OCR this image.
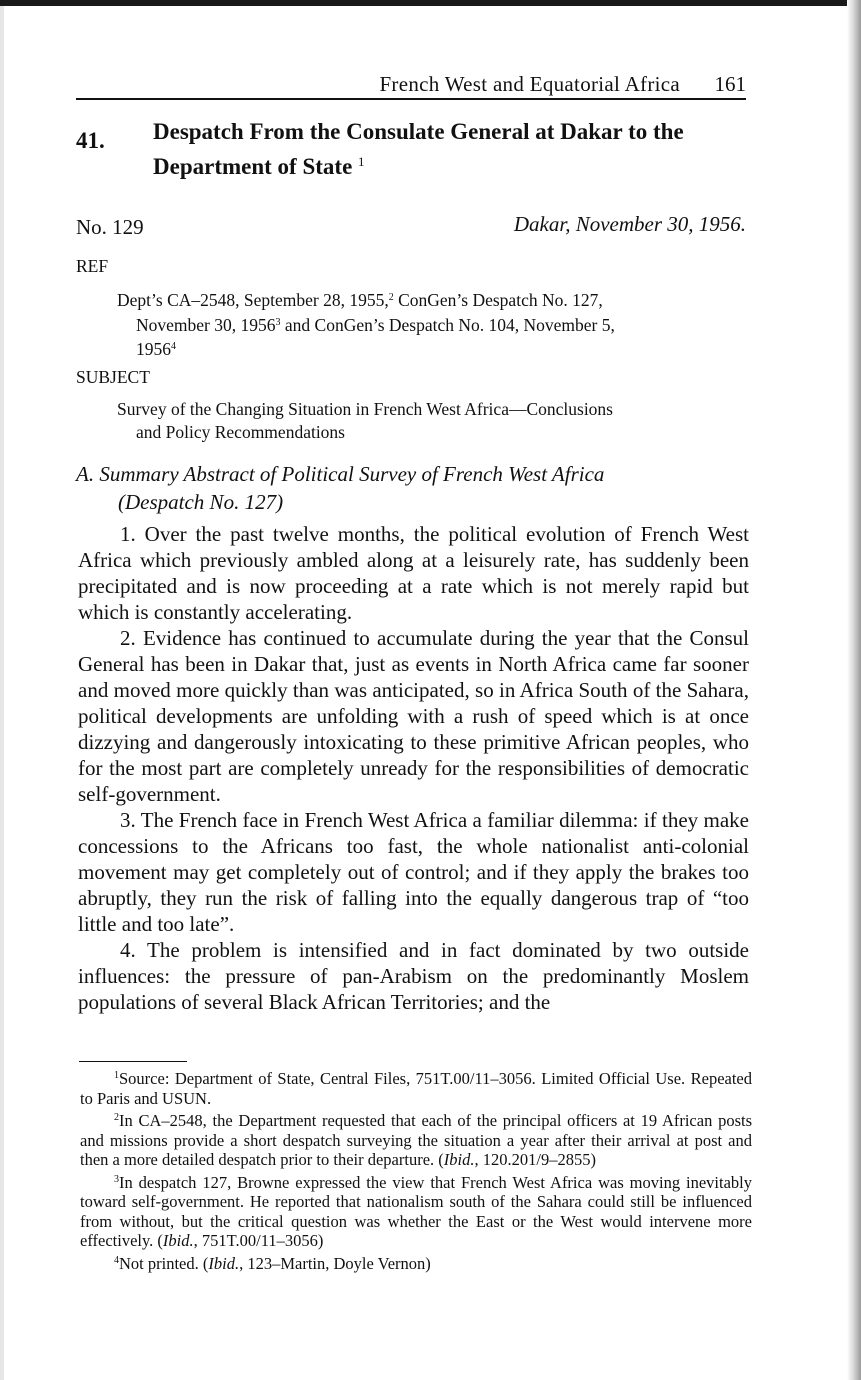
French West and Equatorial Africa 161
41. Despatch From the Consulate General at Dakar to the Department of State $^1$
No. 129	Dakar, November 30, 1956.
REF
Dept’s CA–2548, September 28, 1955,$^2$ ConGen’s Despatch No. 127,
November 30, 1956$^3$ and ConGen’s Despatch No. 104, November 5,
1956$^4$
SUBJECT
Survey of the Changing Situation in French West Africa—Conclusions
and Policy Recommendations
A. Summary Abstract of Political Survey of French West Africa
(Despatch No. 127)

1. Over the past twelve months, the political evolution of French West Africa which previously ambled along at a leisurely rate, has suddenly been precipitated and is now proceeding at a rate which is not merely rapid but which is constantly accelerating.

2. Evidence has continued to accumulate during the year that the Consul General has been in Dakar that, just as events in North Africa came far sooner and moved more quickly than was anticipated, so in Africa South of the Sahara, political developments are unfolding with a rush of speed which is at once dizzying and dangerously intoxicating to these primitive African peoples, who for the most part are completely unready for the responsibilities of democratic self-government.

3. The French face in French West Africa a familiar dilemma: if they make concessions to the Africans too fast, the whole nationalist anti-colonial movement may get completely out of control; and if they apply the brakes too abruptly, they run the risk of falling into the equally dangerous trap of “too little and too late”.

4. The problem is intensified and in fact dominated by two outside influences: the pressure of pan-Arabism on the predominantly Moslem populations of several Black African Territories; and the

$^1$Source: Department of State, Central Files, 751T.00/11–3056. Limited Official Use. Repeated to Paris and USUN.

$^2$In CA–2548, the Department requested that each of the principal officers at 19 African posts and missions provide a short despatch surveying the situation a year after their arrival at post and then a more detailed despatch prior to their departure. (Ibid., 120.201/9–2855)

$^3$In despatch 127, Browne expressed the view that French West Africa was moving inevitably toward self-government. He reported that nationalism south of the Sahara could still be influenced from without, but the critical question was whether the East or the West would intervene more effectively. (Ibid., 751T.00/11–3056)

$^4$Not printed. (Ibid., 123–Martin, Doyle Vernon)
